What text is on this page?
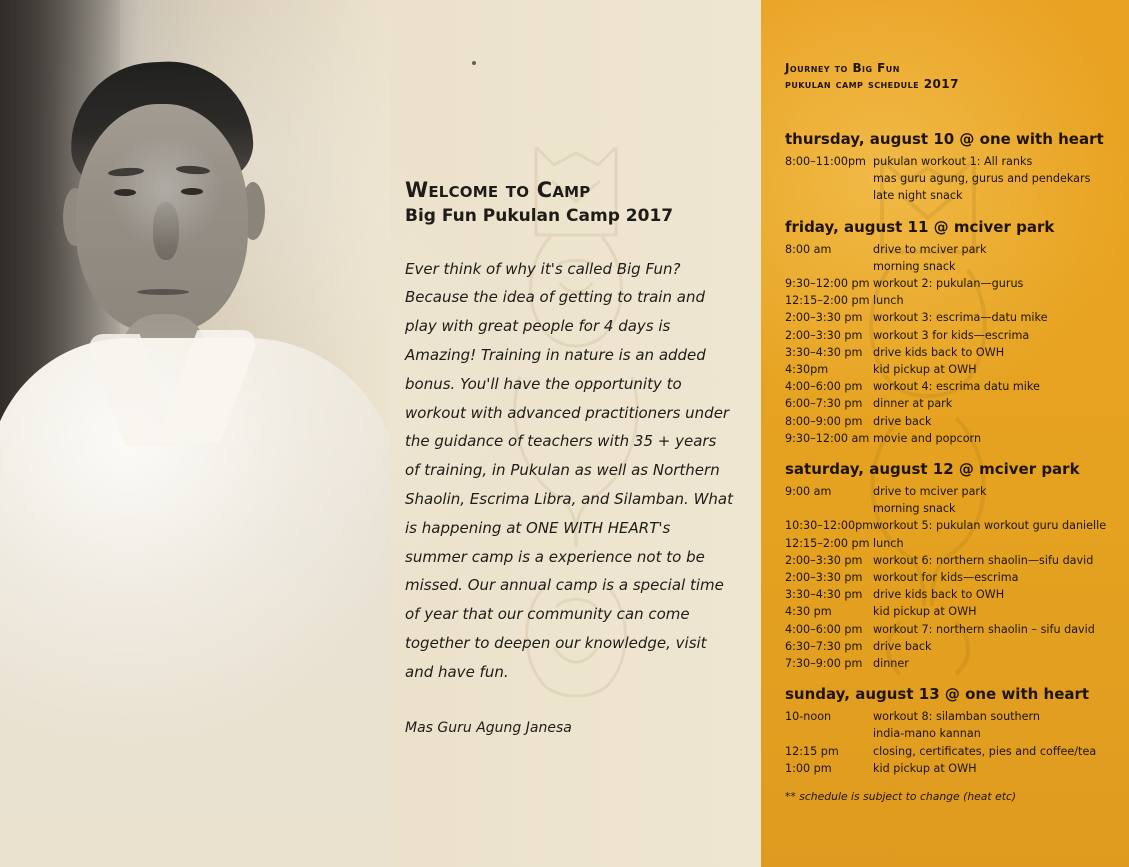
Welcome to Camp
Big Fun Pukulan Camp 2017

Ever think of why it's called Big Fun? Because the idea of getting to train and play with great people for 4 days is Amazing! Training in nature is an added bonus. You'll have the opportunity to workout with advanced practitioners under the guidance of teachers with 35 + years of training, in Pukulan as well as Northern Shaolin, Escrima Libra, and Silamban. What is happening at ONE WITH HEART's summer camp is a experience not to be missed. Our annual camp is a special time of year that our community can come together to deepen our knowledge, visit and have fun.

Mas Guru Agung Janesa

Journey to Big Fun

pukulan camp schedule 2017

thursday, august 10 @ one with heart
8:00–11:00pm pukulan workout 1: All ranks
mas guru agung, gurus and pendekars
late night snack
friday, august 11 @ mciver park
8:00 am	drive to mciver park
morning snack
9:30–12:00 pm workout 2: pukulan—gurus
12:15–2:00 pm lunch
2:00–3:30 pm workout 3: escrima—datu mike
2:00–3:30 pm workout 3 for kids—escrima
3:30–4:30 pm drive kids back to OWH
4:30pm	kid pickup at OWH
4:00–6:00 pm workout 4: escrima datu mike
6:00–7:30 pm dinner at park
8:00–9:00 pm drive back
9:30–12:00 am movie and popcorn
saturday, august 12 @ mciver park
9:00 am	drive to mciver park
morning snack
10:30–12:00pm workout 5: pukulan workout guru danielle
12:15–2:00 pm lunch
2:00–3:30 pm workout 6: northern shaolin—sifu david
2:00–3:30 pm workout for kids—escrima
3:30–4:30 pm drive kids back to OWH
4:30 pm	kid pickup at OWH
4:00–6:00 pm workout 7: northern shaolin – sifu david
6:30–7:30 pm drive back
7:30–9:00 pm dinner
sunday, august 13 @ one with heart
10-noon	workout 8: silamban southern
india-mano kannan
12:15 pm	closing, certificates, pies and coffee/tea
1:00 pm	kid pickup at OWH
** schedule is subject to change (heat etc)
